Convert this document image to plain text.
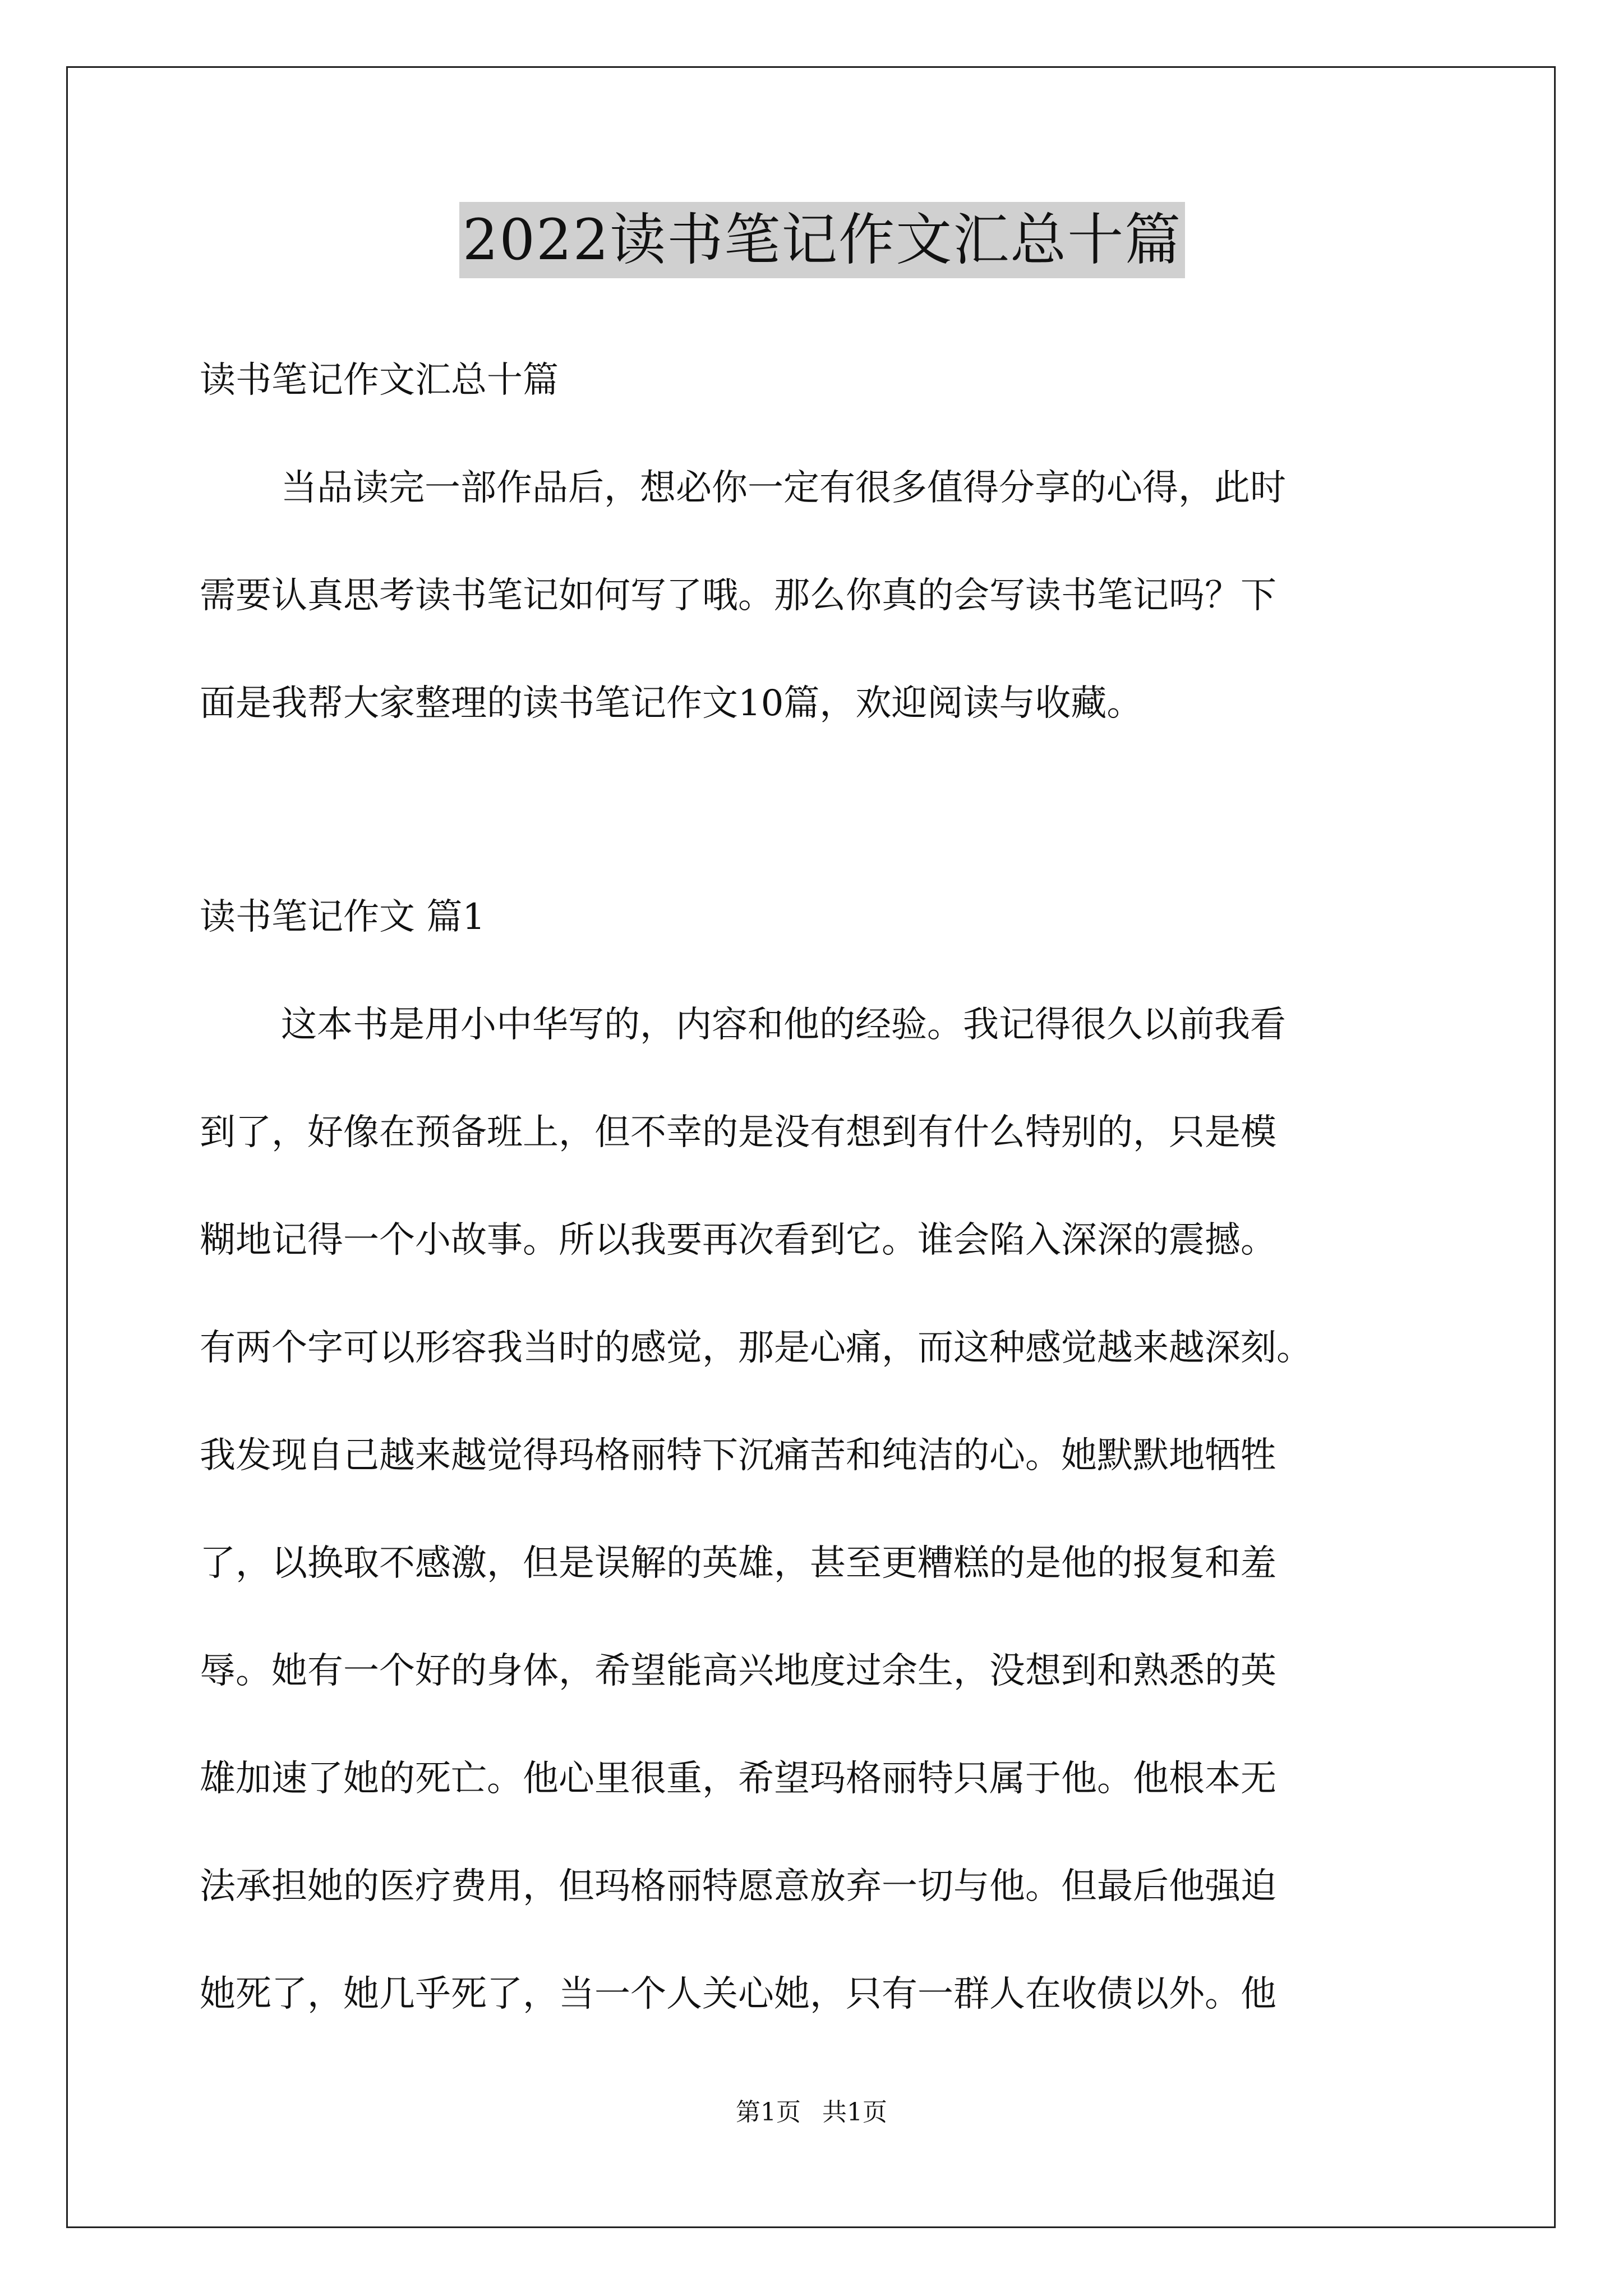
2022读书笔记作文汇总十篇
读书笔记作文汇总十篇
当品读完一部作品后，想必你一定有很多值得分享的心得，此时
需要认真思考读书笔记如何写了哦。那么你真的会写读书笔记吗？下
面是我帮大家整理的读书笔记作文10篇，欢迎阅读与收藏。
读书笔记作文 篇1
这本书是用小中华写的，内容和他的经验。我记得很久以前我看
到了，好像在预备班上，但不幸的是没有想到有什么特别的，只是模
糊地记得一个小故事。所以我要再次看到它。谁会陷入深深的震撼。
有两个字可以形容我当时的感觉，那是心痛，而这种感觉越来越深刻。
我发现自己越来越觉得玛格丽特下沉痛苦和纯洁的心。她默默地牺牲
了，以换取不感激，但是误解的英雄，甚至更糟糕的是他的报复和羞
辱。她有一个好的身体，希望能高兴地度过余生，没想到和熟悉的英
雄加速了她的死亡。他心里很重，希望玛格丽特只属于他。他根本无
法承担她的医疗费用，但玛格丽特愿意放弃一切与他。但最后他强迫
她死了，她几乎死了，当一个人关心她，只有一群人在收债以外。他
第1页 共1页
